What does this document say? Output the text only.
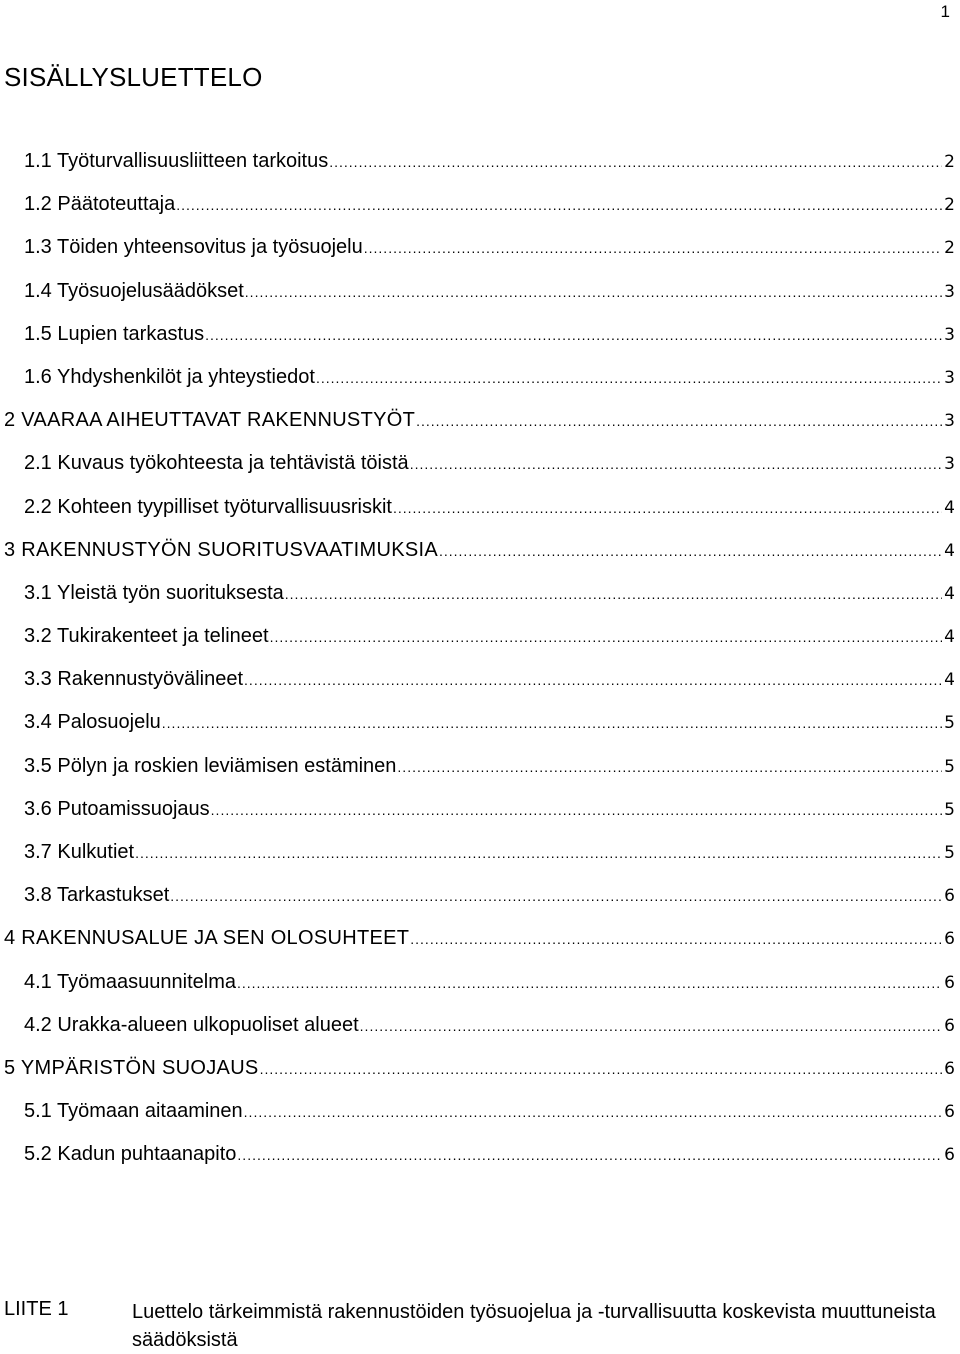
1
SISÄLLYSLUETTELO
1.1 Työturvallisuusliitteen tarkoitus .....	2
1.2 Päätoteuttaja .....	2
1.3 Töiden yhteensovitus ja työsuojelu .....	2
1.4 Työsuojelusäädökset .....	3
1.5 Lupien tarkastus .....	3
1.6 Yhdyshenkilöt ja yhteystiedot .....	3
2 VAARAA AIHEUTTAVAT RAKENNUSTYÖT .....	3
2.1 Kuvaus työkohteesta ja tehtävistä töistä .....	3
2.2 Kohteen tyypilliset työturvallisuusriskit .....	4
3 RAKENNUSTYÖN SUORITUSVAATIMUKSIA .....	4
3.1 Yleistä työn suorituksesta .....	4
3.2 Tukirakenteet ja telineet .....	4
3.3 Rakennustyövälineet .....	4
3.4 Palosuojelu .....	5
3.5 Pölyn ja roskien leviämisen estäminen .....	5
3.6 Putoamissuojaus .....	5
3.7 Kulkutiet .....	5
3.8 Tarkastukset .....	6
4 RAKENNUSALUE JA SEN OLOSUHTEET .....	6
4.1 Työmaasuunnitelma .....	6
4.2 Urakka-alueen ulkopuoliset alueet .....	6
5 YMPÄRISTÖN SUOJAUS .....	6
5.1 Työmaan aitaaminen .....	6
5.2 Kadun puhtaanapito .....	6
LIITE 1	Luettelo tärkeimmistä rakennustöiden työsuojelua ja -turvallisuutta koskevista muuttuneista säädöksistä
